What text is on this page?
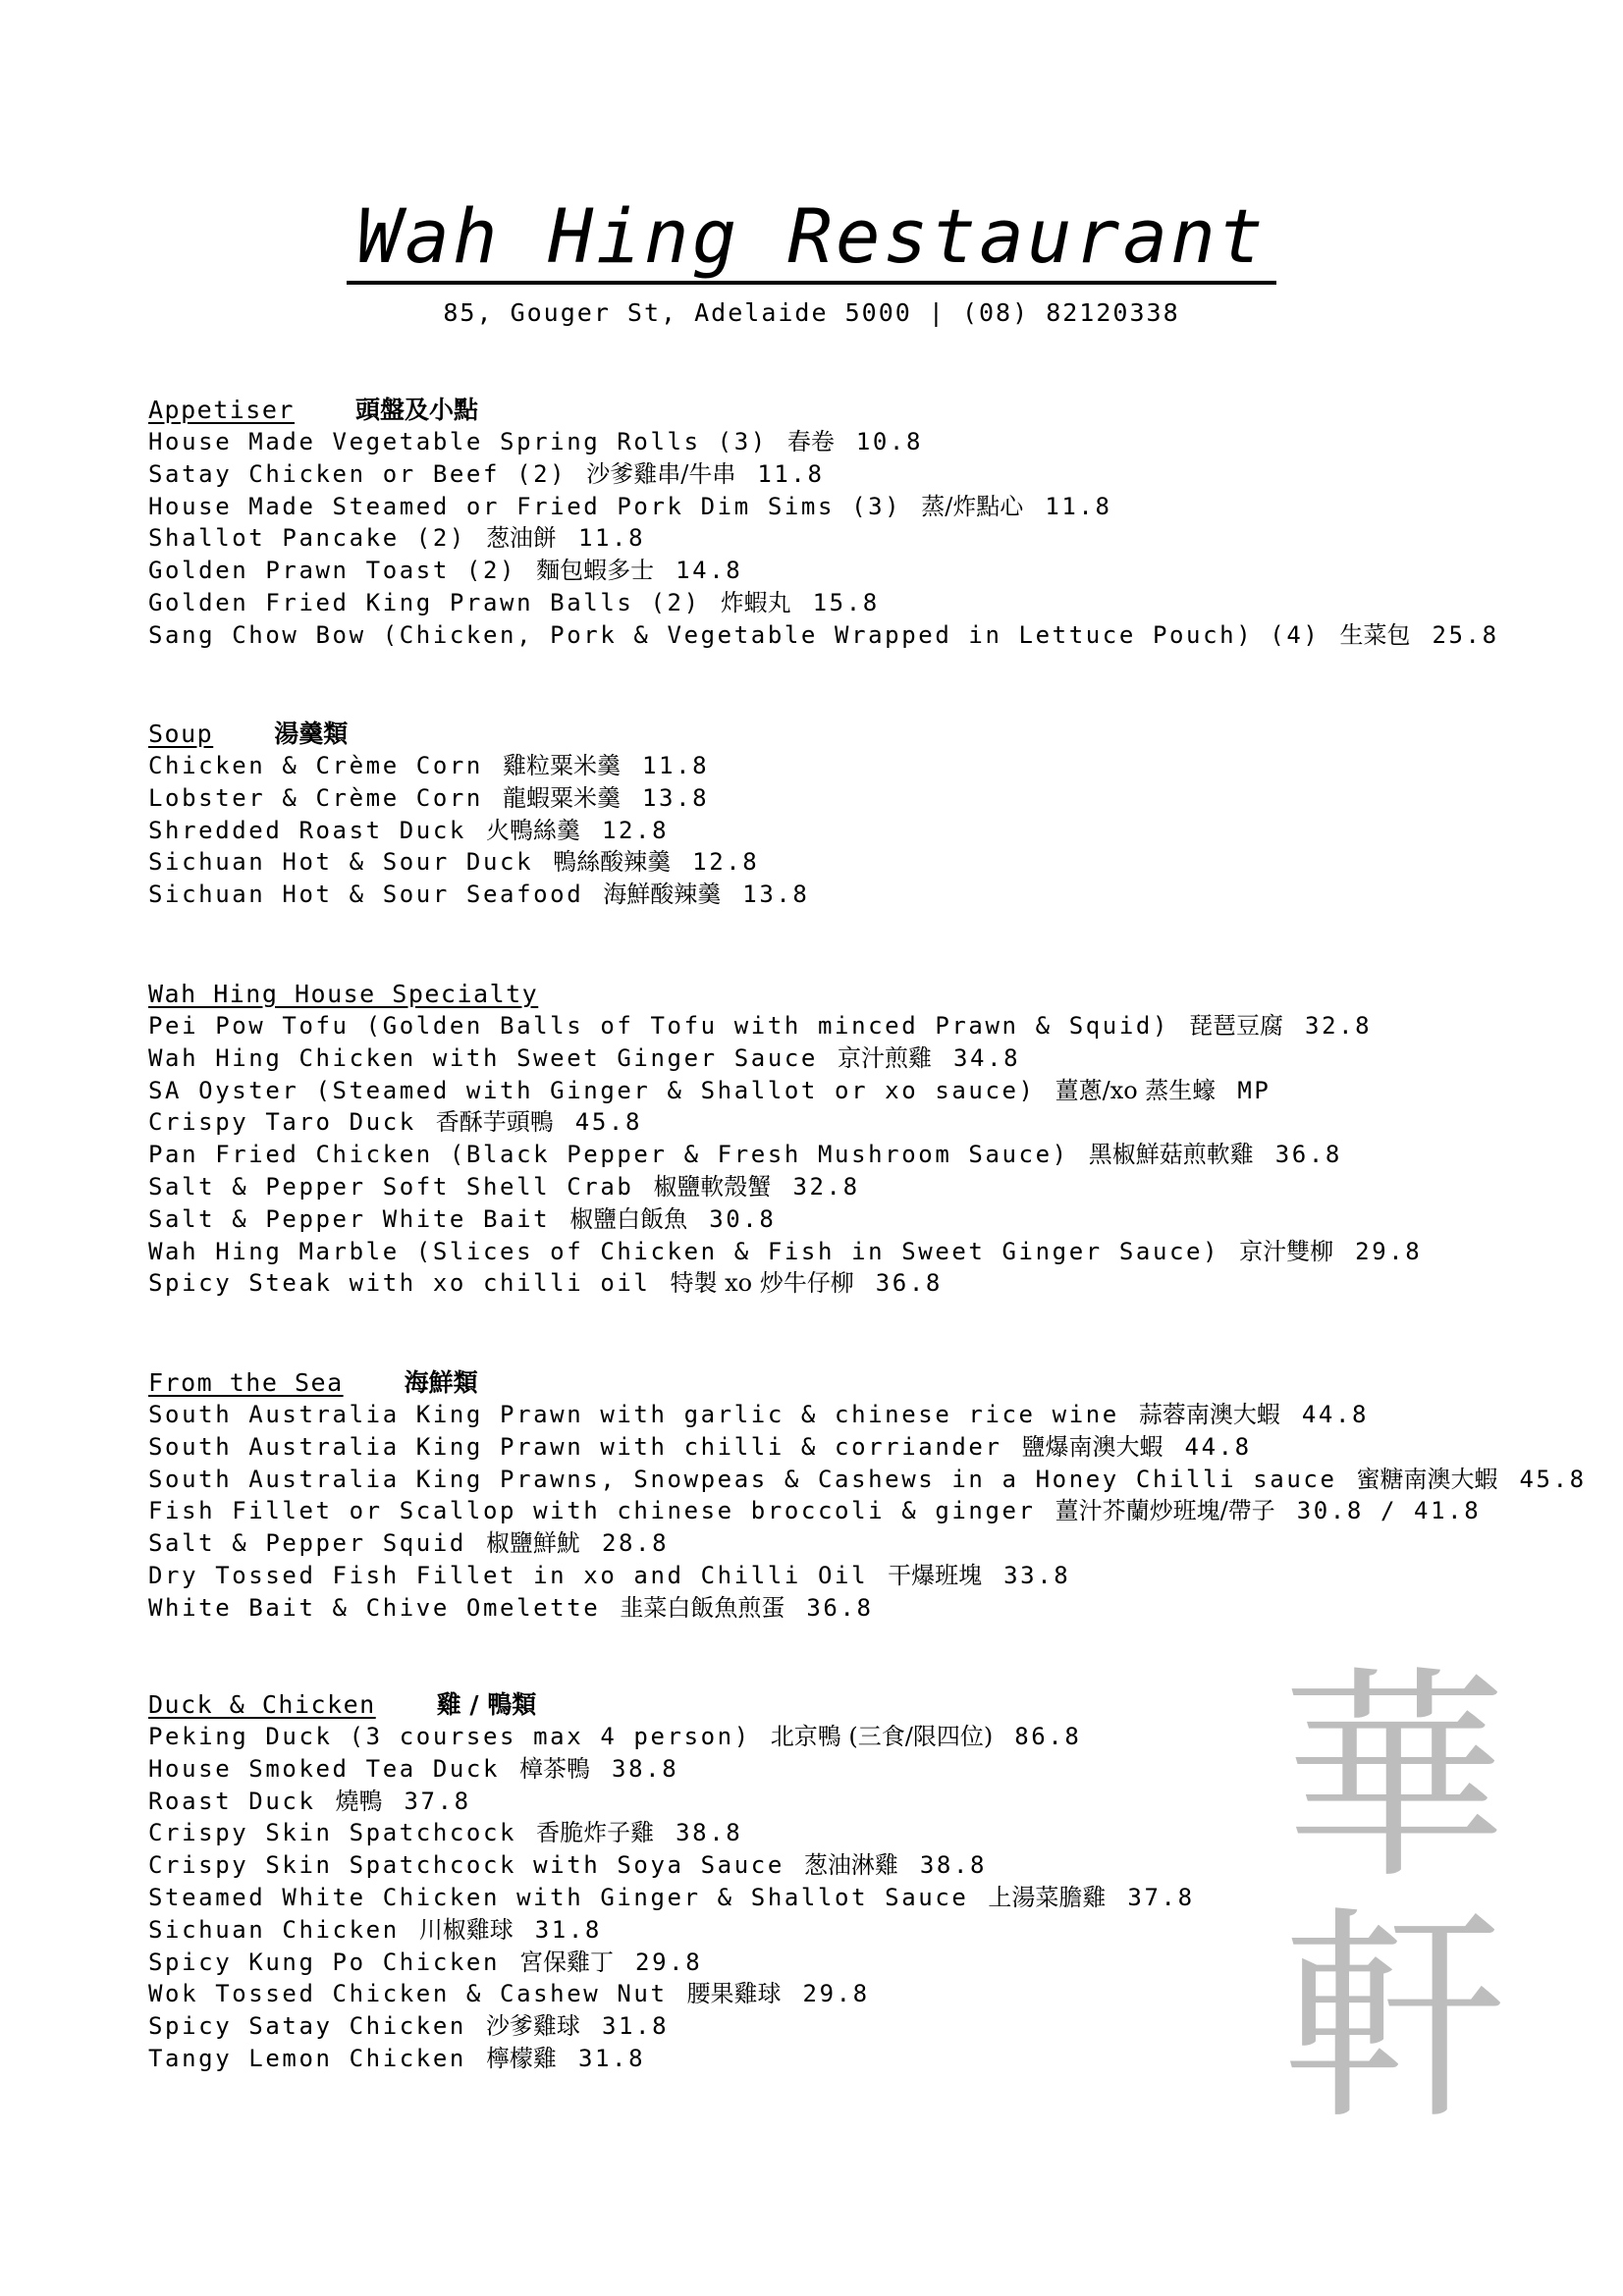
Wah Hing Restaurant
85, Gouger St, Adelaide 5000 | (08) 82120338
Appetiser 頭盤及小點
House Made Vegetable Spring Rolls (3) 春卷 10.8
Satay Chicken or Beef (2) 沙爹雞串/牛串 11.8
House Made Steamed or Fried Pork Dim Sims (3) 蒸/炸點心 11.8
Shallot Pancake (2) 葱油餅 11.8
Golden Prawn Toast (2) 麵包蝦多士 14.8
Golden Fried King Prawn Balls (2) 炸蝦丸 15.8
Sang Chow Bow (Chicken, Pork & Vegetable Wrapped in Lettuce Pouch) (4) 生菜包 25.8
Soup 湯羹類
Chicken & Crème Corn 雞粒粟米羹 11.8
Lobster & Crème Corn 龍蝦粟米羹 13.8
Shredded Roast Duck 火鴨絲羹 12.8
Sichuan Hot & Sour Duck 鴨絲酸辣羹 12.8
Sichuan Hot & Sour Seafood 海鮮酸辣羹 13.8
Wah Hing House Specialty
Pei Pow Tofu (Golden Balls of Tofu with minced Prawn & Squid) 琵琶豆腐 32.8
Wah Hing Chicken with Sweet Ginger Sauce 京汁煎雞 34.8
SA Oyster (Steamed with Ginger & Shallot or xo sauce) 薑蔥/xo 蒸生蠔 MP
Crispy Taro Duck 香酥芋頭鴨 45.8
Pan Fried Chicken (Black Pepper & Fresh Mushroom Sauce) 黑椒鮮菇煎軟雞 36.8
Salt & Pepper Soft Shell Crab 椒鹽軟殼蟹 32.8
Salt & Pepper White Bait 椒鹽白飯魚 30.8
Wah Hing Marble (Slices of Chicken & Fish in Sweet Ginger Sauce) 京汁雙柳 29.8
Spicy Steak with xo chilli oil 特製 xo 炒牛仔柳 36.8
From the Sea 海鮮類
South Australia King Prawn with garlic & chinese rice wine 蒜蓉南澳大蝦 44.8
South Australia King Prawn with chilli & corriander 鹽爆南澳大蝦 44.8
South Australia King Prawns, Snowpeas & Cashews in a Honey Chilli sauce 蜜糖南澳大蝦 45.8
Fish Fillet or Scallop with chinese broccoli & ginger 薑汁芥蘭炒班塊/帶子 30.8 / 41.8
Salt & Pepper Squid 椒鹽鮮魷 28.8
Dry Tossed Fish Fillet in xo and Chilli Oil 干爆班塊 33.8
White Bait & Chive Omelette 韭菜白飯魚煎蛋 36.8
Duck & Chicken 雞 / 鴨類
Peking Duck (3 courses max 4 person) 北京鴨 (三食/限四位) 86.8
House Smoked Tea Duck 樟茶鴨 38.8
Roast Duck 燒鴨 37.8
Crispy Skin Spatchcock 香脆炸子雞 38.8
Crispy Skin Spatchcock with Soya Sauce 葱油淋雞 38.8
Steamed White Chicken with Ginger & Shallot Sauce 上湯菜膽雞 37.8
Sichuan Chicken 川椒雞球 31.8
Spicy Kung Po Chicken 宮保雞丁 29.8
Wok Tossed Chicken & Cashew Nut 腰果雞球 29.8
Spicy Satay Chicken 沙爹雞球 31.8
Tangy Lemon Chicken 檸檬雞 31.8
華
軒
